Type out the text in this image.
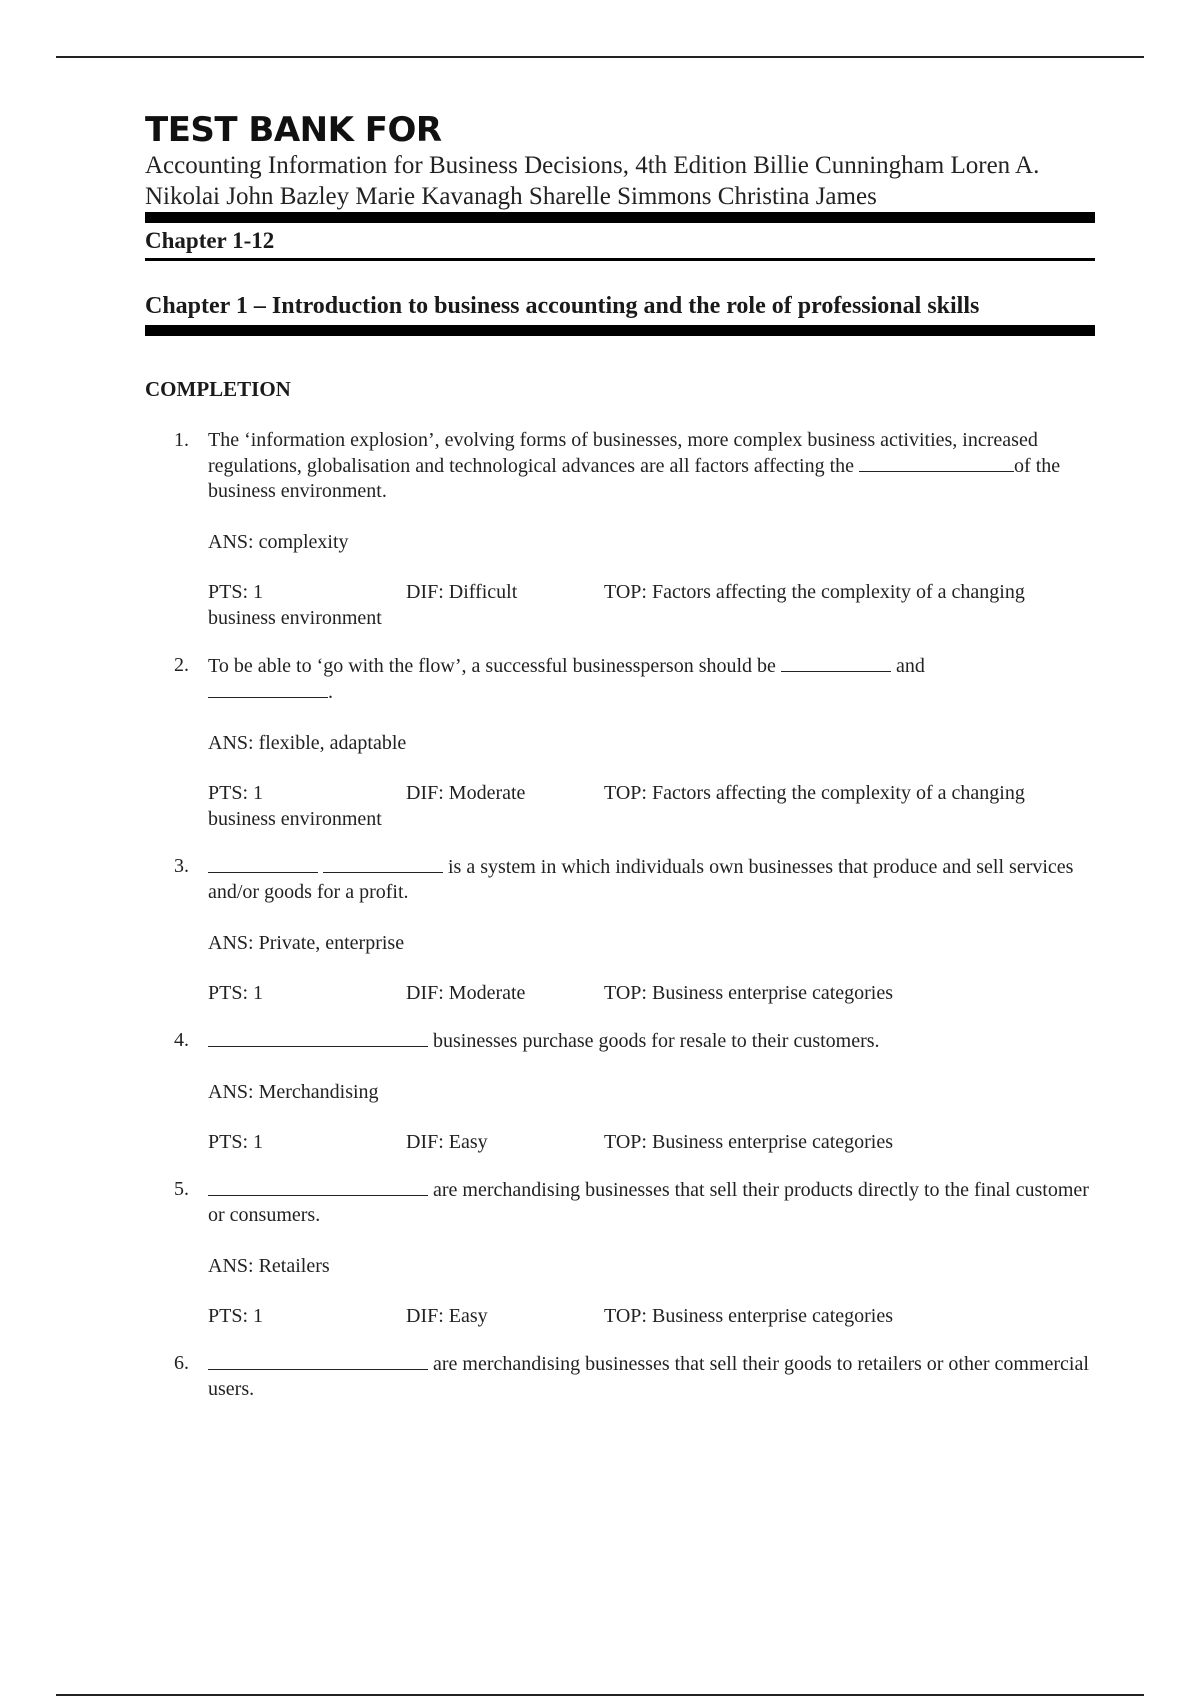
TEST BANK FOR

Accounting Information for Business Decisions, 4th Edition Billie Cunningham Loren A. Nikolai John Bazley Marie Kavanagh Sharelle Simmons Christina James

Chapter 1-12
Chapter 1 – Introduction to business accounting and the role of professional skills
COMPLETION
1. The ‘information explosion’, evolving forms of businesses, more complex business activities, increased regulations, globalisation and technological advances are all factors affecting the	of the business environment.
ANS: complexity
PTS: 1	DIF: Difficult	TOP: Factors affecting the complexity of a changing business environment
2. To be able to ‘go with the flow’, a successful businessperson should be	and
.
ANS: flexible, adaptable
PTS: 1	DIF: Moderate	TOP: Factors affecting the complexity of a changing business environment
3.	is a system in which individuals own businesses that produce and sell services and/or goods for a profit.
ANS: Private, enterprise
PTS: 1	DIF: Moderate	TOP: Business enterprise categories
4.	businesses purchase goods for resale to their customers.
ANS: Merchandising
PTS: 1	DIF: Easy	TOP: Business enterprise categories
5.	are merchandising businesses that sell their products directly to the final customer or consumers.
ANS: Retailers
PTS: 1	DIF: Easy	TOP: Business enterprise categories
6.	are merchandising businesses that sell their goods to retailers or other commercial users.
